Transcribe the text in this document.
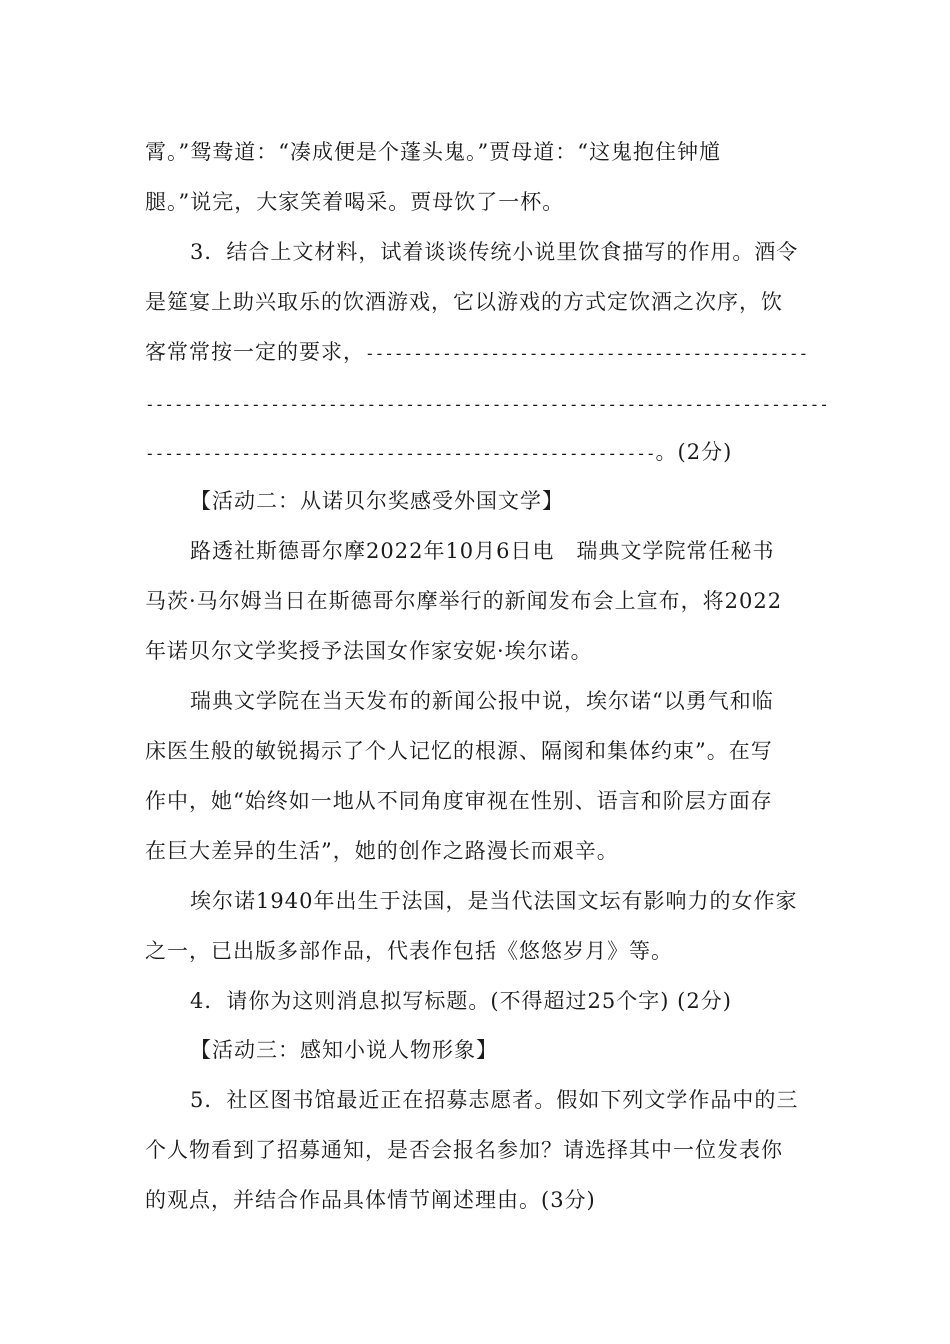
霄。”鸳鸯道：“凑成便是个蓬头鬼。”贾母道：“这鬼抱住钟馗
腿。”说完，大家笑着喝采。贾母饮了一杯。
3．结合上文材料，试着谈谈传统小说里饮食描写的作用。酒令
是筵宴上助兴取乐的饮酒游戏，它以游戏的方式定饮酒之次序，饮
客常常按一定的要求，----------------------------------------------
-----------------------------------------------------------------------
-----------------------------------------------------。(2分)
【活动二：从诺贝尔奖感受外国文学】
路透社斯德哥尔摩2022年10月6日电　瑞典文学院常任秘书
马茨·马尔姆当日在斯德哥尔摩举行的新闻发布会上宣布，将2022
年诺贝尔文学奖授予法国女作家安妮·埃尔诺。
瑞典文学院在当天发布的新闻公报中说，埃尔诺“以勇气和临
床医生般的敏锐揭示了个人记忆的根源、隔阂和集体约束”。在写
作中，她“始终如一地从不同角度审视在性别、语言和阶层方面存
在巨大差异的生活”，她的创作之路漫长而艰辛。
埃尔诺1940年出生于法国，是当代法国文坛有影响力的女作家
之一，已出版多部作品，代表作包括《悠悠岁月》等。
4．请你为这则消息拟写标题。(不得超过25个字) (2分)
【活动三：感知小说人物形象】
5．社区图书馆最近正在招募志愿者。假如下列文学作品中的三
个人物看到了招募通知，是否会报名参加？请选择其中一位发表你
的观点，并结合作品具体情节阐述理由。(3分)
